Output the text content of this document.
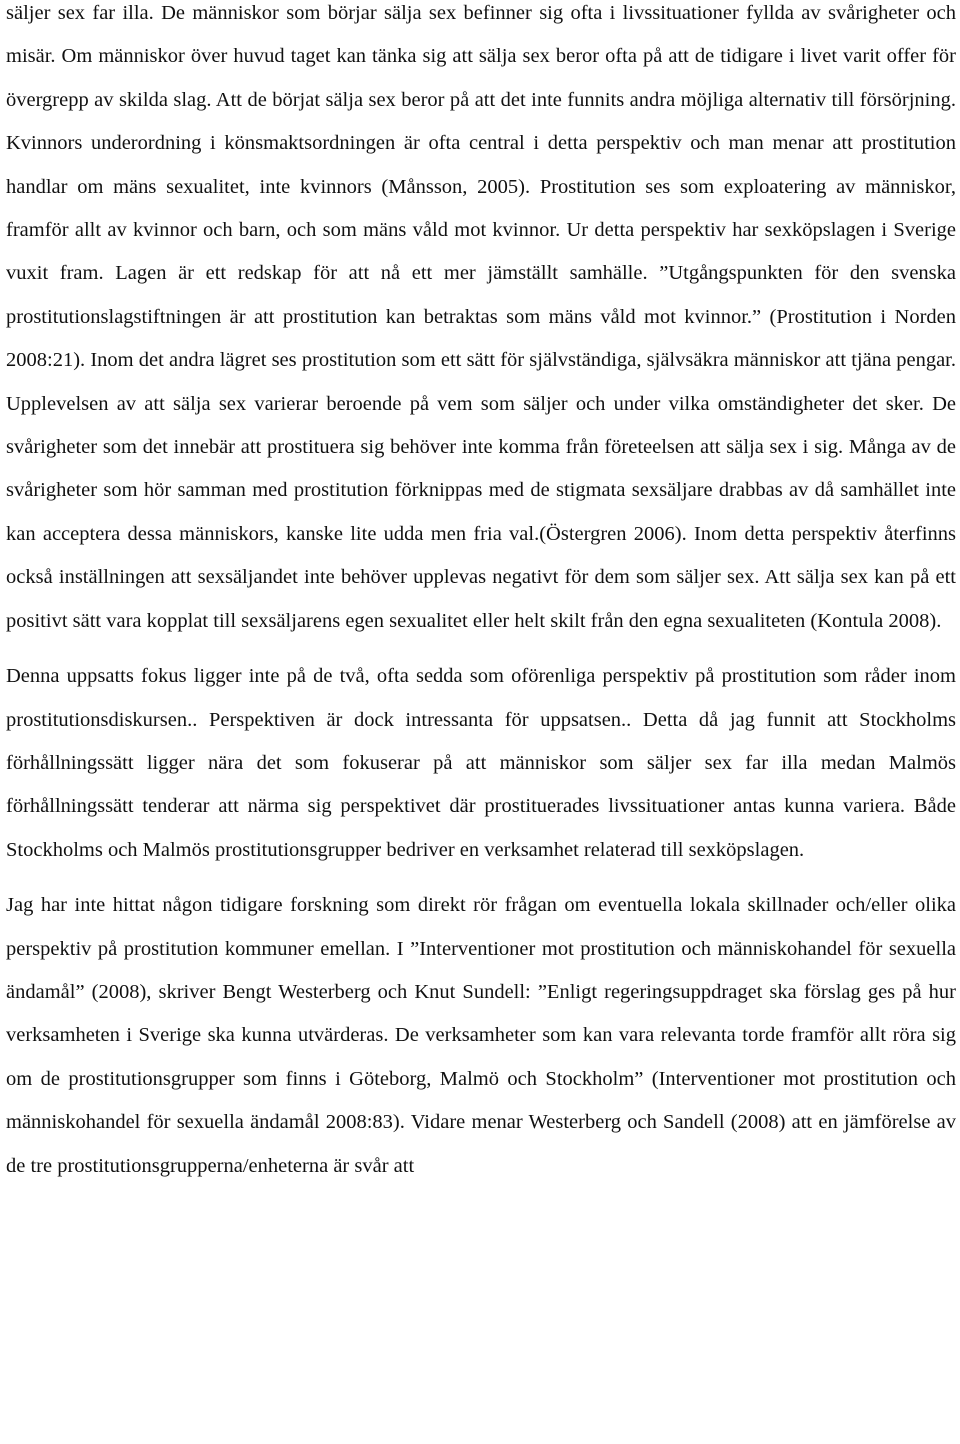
säljer sex far illa. De människor som börjar sälja sex befinner sig ofta i livssituationer fyllda av svårigheter och misär. Om människor över huvud taget kan tänka sig att sälja sex beror ofta på att de tidigare i livet varit offer för övergrepp av skilda slag. Att de börjat sälja sex beror på att det inte funnits andra möjliga alternativ till försörjning. Kvinnors underordning i könsmaktsordningen är ofta central i detta perspektiv och man menar att prostitution handlar om mäns sexualitet, inte kvinnors (Månsson, 2005). Prostitution ses som exploatering av människor, framför allt av kvinnor och barn, och som mäns våld mot kvinnor. Ur detta perspektiv har sexköpslagen i Sverige vuxit fram. Lagen är ett redskap för att nå ett mer jämställt samhälle. ”Utgångspunkten för den svenska prostitutionslagstiftningen är att prostitution kan betraktas som mäns våld mot kvinnor.” (Prostitution i Norden 2008:21). Inom det andra lägret ses prostitution som ett sätt för självständiga, självsäkra människor att tjäna pengar. Upplevelsen av att sälja sex varierar beroende på vem som säljer och under vilka omständigheter det sker. De svårigheter som det innebär att prostituera sig behöver inte komma från företeelsen att sälja sex i sig. Många av de svårigheter som hör samman med prostitution förknippas med de stigmata sexsäljare drabbas av då samhället inte kan acceptera dessa människors, kanske lite udda men fria val.(Östergren 2006). Inom detta perspektiv återfinns också inställningen att sexsäljandet inte behöver upplevas negativt för dem som säljer sex. Att sälja sex kan på ett positivt sätt vara kopplat till sexsäljarens egen sexualitet eller helt skilt från den egna sexualiteten (Kontula 2008).

Denna uppsatts fokus ligger inte på de två, ofta sedda som oförenliga perspektiv på prostitution som råder inom prostitutionsdiskursen.. Perspektiven är dock intressanta för uppsatsen.. Detta då jag funnit att Stockholms förhållningssätt ligger nära det som fokuserar på att människor som säljer sex far illa medan Malmös förhållningssätt tenderar att närma sig perspektivet där prostituerades livssituationer antas kunna variera. Både Stockholms och Malmös prostitutionsgrupper bedriver en verksamhet relaterad till sexköpslagen.

Jag har inte hittat någon tidigare forskning som direkt rör frågan om eventuella lokala skillnader och/eller olika perspektiv på prostitution kommuner emellan. I ”Interventioner mot prostitution och människohandel för sexuella ändamål” (2008), skriver Bengt Westerberg och Knut Sundell: ”Enligt regeringsuppdraget ska förslag ges på hur verksamheten i Sverige ska kunna utvärderas. De verksamheter som kan vara relevanta torde framför allt röra sig om de prostitutionsgrupper som finns i Göteborg, Malmö och Stockholm” (Interventioner mot prostitution och människohandel för sexuella ändamål 2008:83). Vidare menar Westerberg och Sandell (2008) att en jämförelse av de tre prostitutionsgrupperna/enheterna är svår att
